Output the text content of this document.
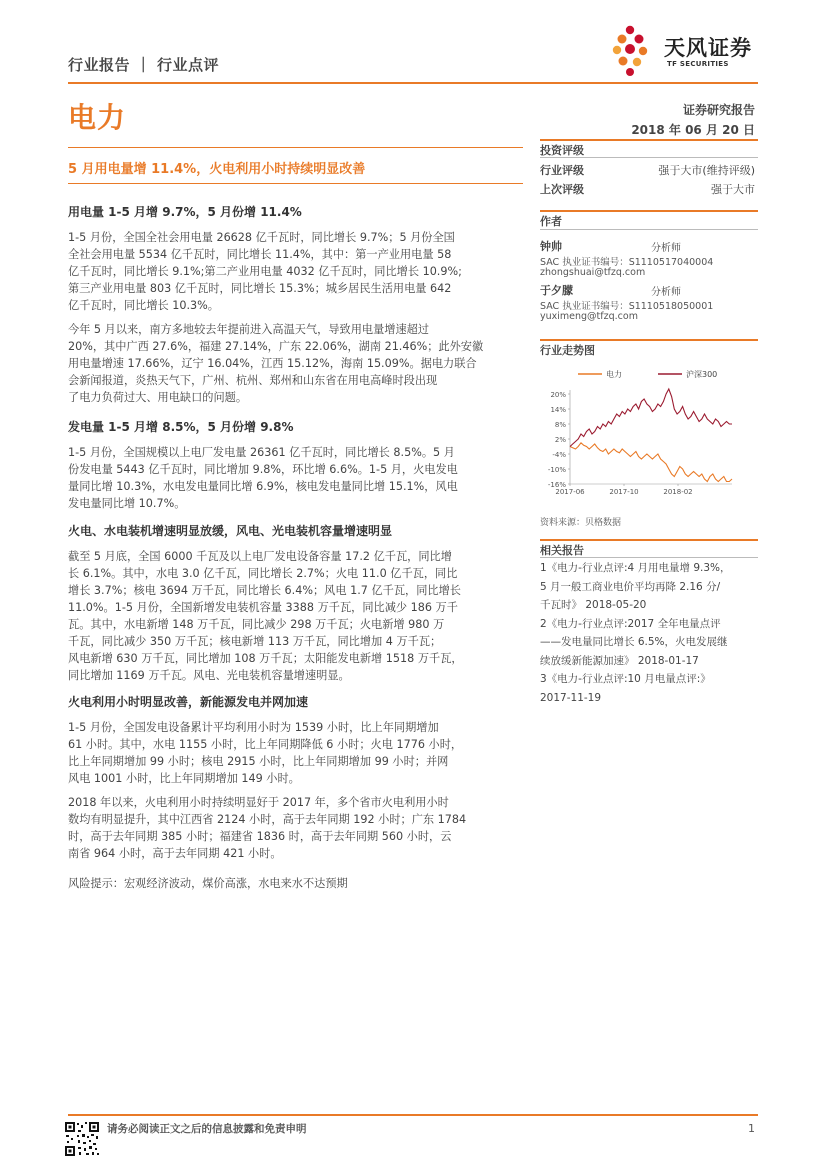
行业报告 ｜ 行业点评
天风证券
TF SECURITIES
电力	证券研究报告
2018 年 06 月 20 日
5 月用电量增 11.4%，火电利用小时持续明显改善
用电量 1-5 月增 9.7%，5 月份增 11.4%
1-5 月份，全国全社会用电量 26628 亿千瓦时，同比增长 9.7%；5 月份全国
全社会用电量 5534 亿千瓦时，同比增长 11.4%，其中：第一产业用电量 58
亿千瓦时，同比增长 9.1%;第二产业用电量 4032 亿千瓦时，同比增长 10.9%;
第三产业用电量 803 亿千瓦时，同比增长 15.3%；城乡居民生活用电量 642
亿千瓦时，同比增长 10.3%。
今年 5 月以来，南方多地较去年提前进入高温天气，导致用电量增速超过
20%，其中广西 27.6%，福建 27.14%，广东 22.06%，湖南 21.46%；此外安徽
用电量增速 17.66%，辽宁 16.04%，江西 15.12%，海南 15.09%。据电力联合
会新闻报道，炎热天气下，广州、杭州、郑州和山东省在用电高峰时段出现
了电力负荷过大、用电缺口的问题。
发电量 1-5 月增 8.5%，5 月份增 9.8%
1-5 月份，全国规模以上电厂发电量 26361 亿千瓦时，同比增长 8.5%。5 月
份发电量 5443 亿千瓦时，同比增加 9.8%，环比增 6.6%。1-5 月，火电发电
量同比增 10.3%，水电发电量同比增 6.9%，核电发电量同比增 15.1%，风电
发电量同比增 10.7%。
火电、水电装机增速明显放缓，风电、光电装机容量增速明显
截至 5 月底，全国 6000 千瓦及以上电厂发电设备容量 17.2 亿千瓦，同比增
长 6.1%。其中，水电 3.0 亿千瓦，同比增长 2.7%；火电 11.0 亿千瓦，同比
增长 3.7%；核电 3694 万千瓦，同比增长 6.4%；风电 1.7 亿千瓦，同比增长
11.0%。1-5 月份，全国新增发电装机容量 3388 万千瓦，同比减少 186 万千
瓦。其中，水电新增 148 万千瓦，同比减少 298 万千瓦；火电新增 980 万
千瓦，同比减少 350 万千瓦；核电新增 113 万千瓦，同比增加 4 万千瓦；
风电新增 630 万千瓦，同比增加 108 万千瓦；太阳能发电新增 1518 万千瓦，
同比增加 1169 万千瓦。风电、光电装机容量增速明显。
火电利用小时明显改善，新能源发电并网加速
1-5 月份，全国发电设备累计平均利用小时为 1539 小时，比上年同期增加
61 小时。其中，水电 1155 小时，比上年同期降低 6 小时；火电 1776 小时，
比上年同期增加 99 小时；核电 2915 小时，比上年同期增加 99 小时；并网
风电 1001 小时，比上年同期增加 149 小时。
2018 年以来，火电利用小时持续明显好于 2017 年，多个省市火电利用小时
数均有明显提升，其中江西省 2124 小时，高于去年同期 192 小时；广东 1784
时，高于去年同期 385 小时；福建省 1836 时，高于去年同期 560 小时，云
南省 964 小时，高于去年同期 421 小时。
风险提示：宏观经济波动，煤价高涨，水电来水不达预期
投资评级
行业评级	强于大市(维持评级)
上次评级	强于大市
作者
钟帅	分析师
SAC 执业证书编号：S1110517040004
zhongshuai@tfzq.com
于夕朦	分析师
SAC 执业证书编号：S1110518050001
yuximeng@tfzq.com
行业走势图
20%
14%
8%
2%
-4%
-10%
-16%
2017-06	2017-10	2018-02
电力	沪深300
资料来源：贝格数据
相关报告
1《电力-行业点评:4 月用电量增 9.3%，
5 月一般工商业电价平均再降 2.16 分/
千瓦时》 2018-05-20
2《电力-行业点评:2017 全年电量点评
——发电量同比增长 6.5%，火电发展继
续放缓新能源加速》 2018-01-17
3《电力-行业点评:10 月电量点评:》
2017-11-19
请务必阅读正文之后的信息披露和免责申明	1
